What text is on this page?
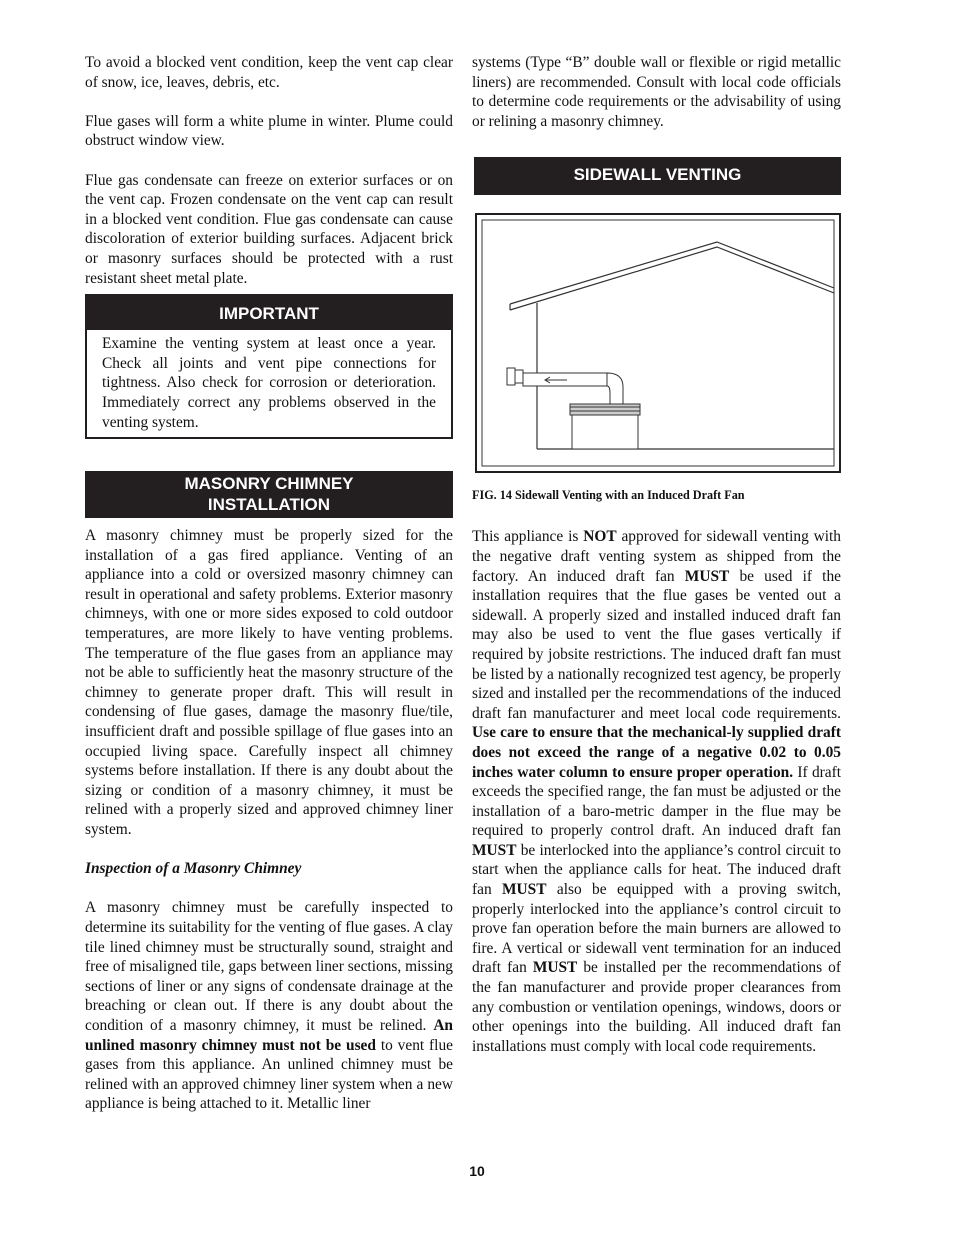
To avoid a blocked vent condition, keep the vent cap clear of snow, ice, leaves, debris, etc.

Flue gases will form a white plume in winter. Plume could obstruct window view.

Flue gas condensate can freeze on exterior surfaces or on the vent cap. Frozen condensate on the vent cap can result in a blocked vent condition. Flue gas condensate can cause discoloration of exterior building surfaces. Adjacent brick or masonry surfaces should be protected with a rust resistant sheet metal plate.

IMPORTANT
Examine the venting system at least once a year. Check all joints and vent pipe connections for tightness. Also check for corrosion or deterioration. Immediately correct any problems observed in the venting system.
MASONRY CHIMNEY
INSTALLATION

A masonry chimney must be properly sized for the installation of a gas fired appliance. Venting of an appliance into a cold or oversized masonry chimney can result in operational and safety problems. Exterior masonry chimneys, with one or more sides exposed to cold outdoor temperatures, are more likely to have venting problems. The temperature of the flue gases from an appliance may not be able to sufficiently heat the masonry structure of the chimney to generate proper draft. This will result in condensing of flue gases, damage the masonry flue/tile, insufficient draft and possible spillage of flue gases into an occupied living space. Carefully inspect all chimney systems before installation. If there is any doubt about the sizing or condition of a masonry chimney, it must be relined with a properly sized and approved chimney liner system.

Inspection of a Masonry Chimney

A masonry chimney must be carefully inspected to determine its suitability for the venting of flue gases. A clay tile lined chimney must be structurally sound, straight and free of misaligned tile, gaps between liner sections, missing sections of liner or any signs of condensate drainage at the breaching or clean out. If there is any doubt about the condition of a masonry chimney, it must be relined. An unlined masonry chimney must not be used to vent flue gases from this appliance. An unlined chimney must be relined with an approved chimney liner system when a new appliance is being attached to it. Metallic liner

systems (Type “B” double wall or flexible or rigid metallic liners) are recommended. Consult with local code officials to determine code requirements or the advisability of using or relining a masonry chimney.

SIDEWALL VENTING
FIG. 14 Sidewall Venting with an Induced Draft Fan

This appliance is NOT approved for sidewall venting with the negative draft venting system as shipped from the factory. An induced draft fan MUST be used if the installation requires that the flue gases be vented out a sidewall. A properly sized and installed induced draft fan may also be used to vent the flue gases vertically if required by jobsite restrictions. The induced draft fan must be listed by a nationally recognized test agency, be properly sized and installed per the recommendations of the induced draft fan manufacturer and meet local code requirements. Use care to ensure that the mechanical-ly supplied draft does not exceed the range of a negative 0.02 to 0.05 inches water column to ensure proper operation. If draft exceeds the specified range, the fan must be adjusted or the installation of a baro-metric damper in the flue may be required to properly control draft. An induced draft fan MUST be interlocked into the appliance’s control circuit to start when the appliance calls for heat. The induced draft fan MUST also be equipped with a proving switch, properly interlocked into the appliance’s control circuit to prove fan operation before the main burners are allowed to fire. A vertical or sidewall vent termination for an induced draft fan MUST be installed per the recommendations of the fan manufacturer and provide proper clearances from any combustion or ventilation openings, windows, doors or other openings into the building. All induced draft fan installations must comply with local code requirements.

10
